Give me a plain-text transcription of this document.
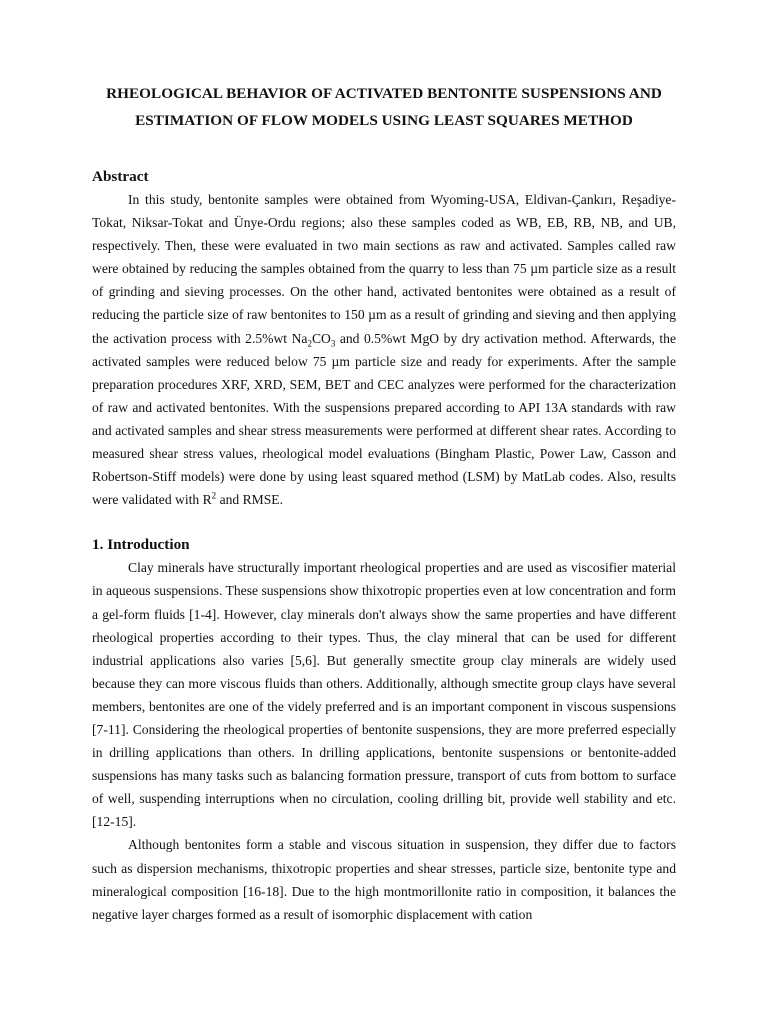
RHEOLOGICAL BEHAVIOR OF ACTIVATED BENTONITE SUSPENSIONS AND

ESTIMATION OF FLOW MODELS USING LEAST SQUARES METHOD

Abstract

In this study, bentonite samples were obtained from Wyoming-USA, Eldivan-Çankırı, Reşadiye-Tokat, Niksar-Tokat and Ünye-Ordu regions; also these samples coded as WB, EB, RB, NB, and UB, respectively. Then, these were evaluated in two main sections as raw and activated. Samples called raw were obtained by reducing the samples obtained from the quarry to less than 75 µm particle size as a result of grinding and sieving processes. On the other hand, activated bentonites were obtained as a result of reducing the particle size of raw bentonites to 150 µm as a result of grinding and sieving and then applying the activation process with 2.5%wt $Na_2CO_3$ and 0.5%wt MgO by dry activation method. Afterwards, the activated samples were reduced below 75 µm particle size and ready for experiments. After the sample preparation procedures XRF, XRD, SEM, BET and CEC analyzes were performed for the characterization of raw and activated bentonites. With the suspensions prepared according to API 13A standards with raw and activated samples and shear stress measurements were performed at different shear rates. According to measured shear stress values, rheological model evaluations (Bingham Plastic, Power Law, Casson and Robertson-Stiff models) were done by using least squared method (LSM) by MatLab codes. Also, results were validated with $R^2$ and RMSE.

1. Introduction

Clay minerals have structurally important rheological properties and are used as viscosifier material in aqueous suspensions. These suspensions show thixotropic properties even at low concentration and form a gel-form fluids [1-4]. However, clay minerals don't always show the same properties and have different rheological properties according to their types. Thus, the clay mineral that can be used for different industrial applications also varies [5,6]. But generally smectite group clay minerals are widely used because they can more viscous fluids than others. Additionally, although smectite group clays have several members, bentonites are one of the videly preferred and is an important component in viscous suspensions [7-11]. Considering the rheological properties of bentonite suspensions, they are more preferred especially in drilling applications than others. In drilling applications, bentonite suspensions or bentonite-added suspensions has many tasks such as balancing formation pressure, transport of cuts from bottom to surface of well, suspending interruptions when no circulation, cooling drilling bit, provide well stability and etc. [12-15].

Although bentonites form a stable and viscous situation in suspension, they differ due to factors such as dispersion mechanisms, thixotropic properties and shear stresses, particle size, bentonite type and mineralogical composition [16-18]. Due to the high montmorillonite ratio in composition, it balances the negative layer charges formed as a result of isomorphic displacement with cation
